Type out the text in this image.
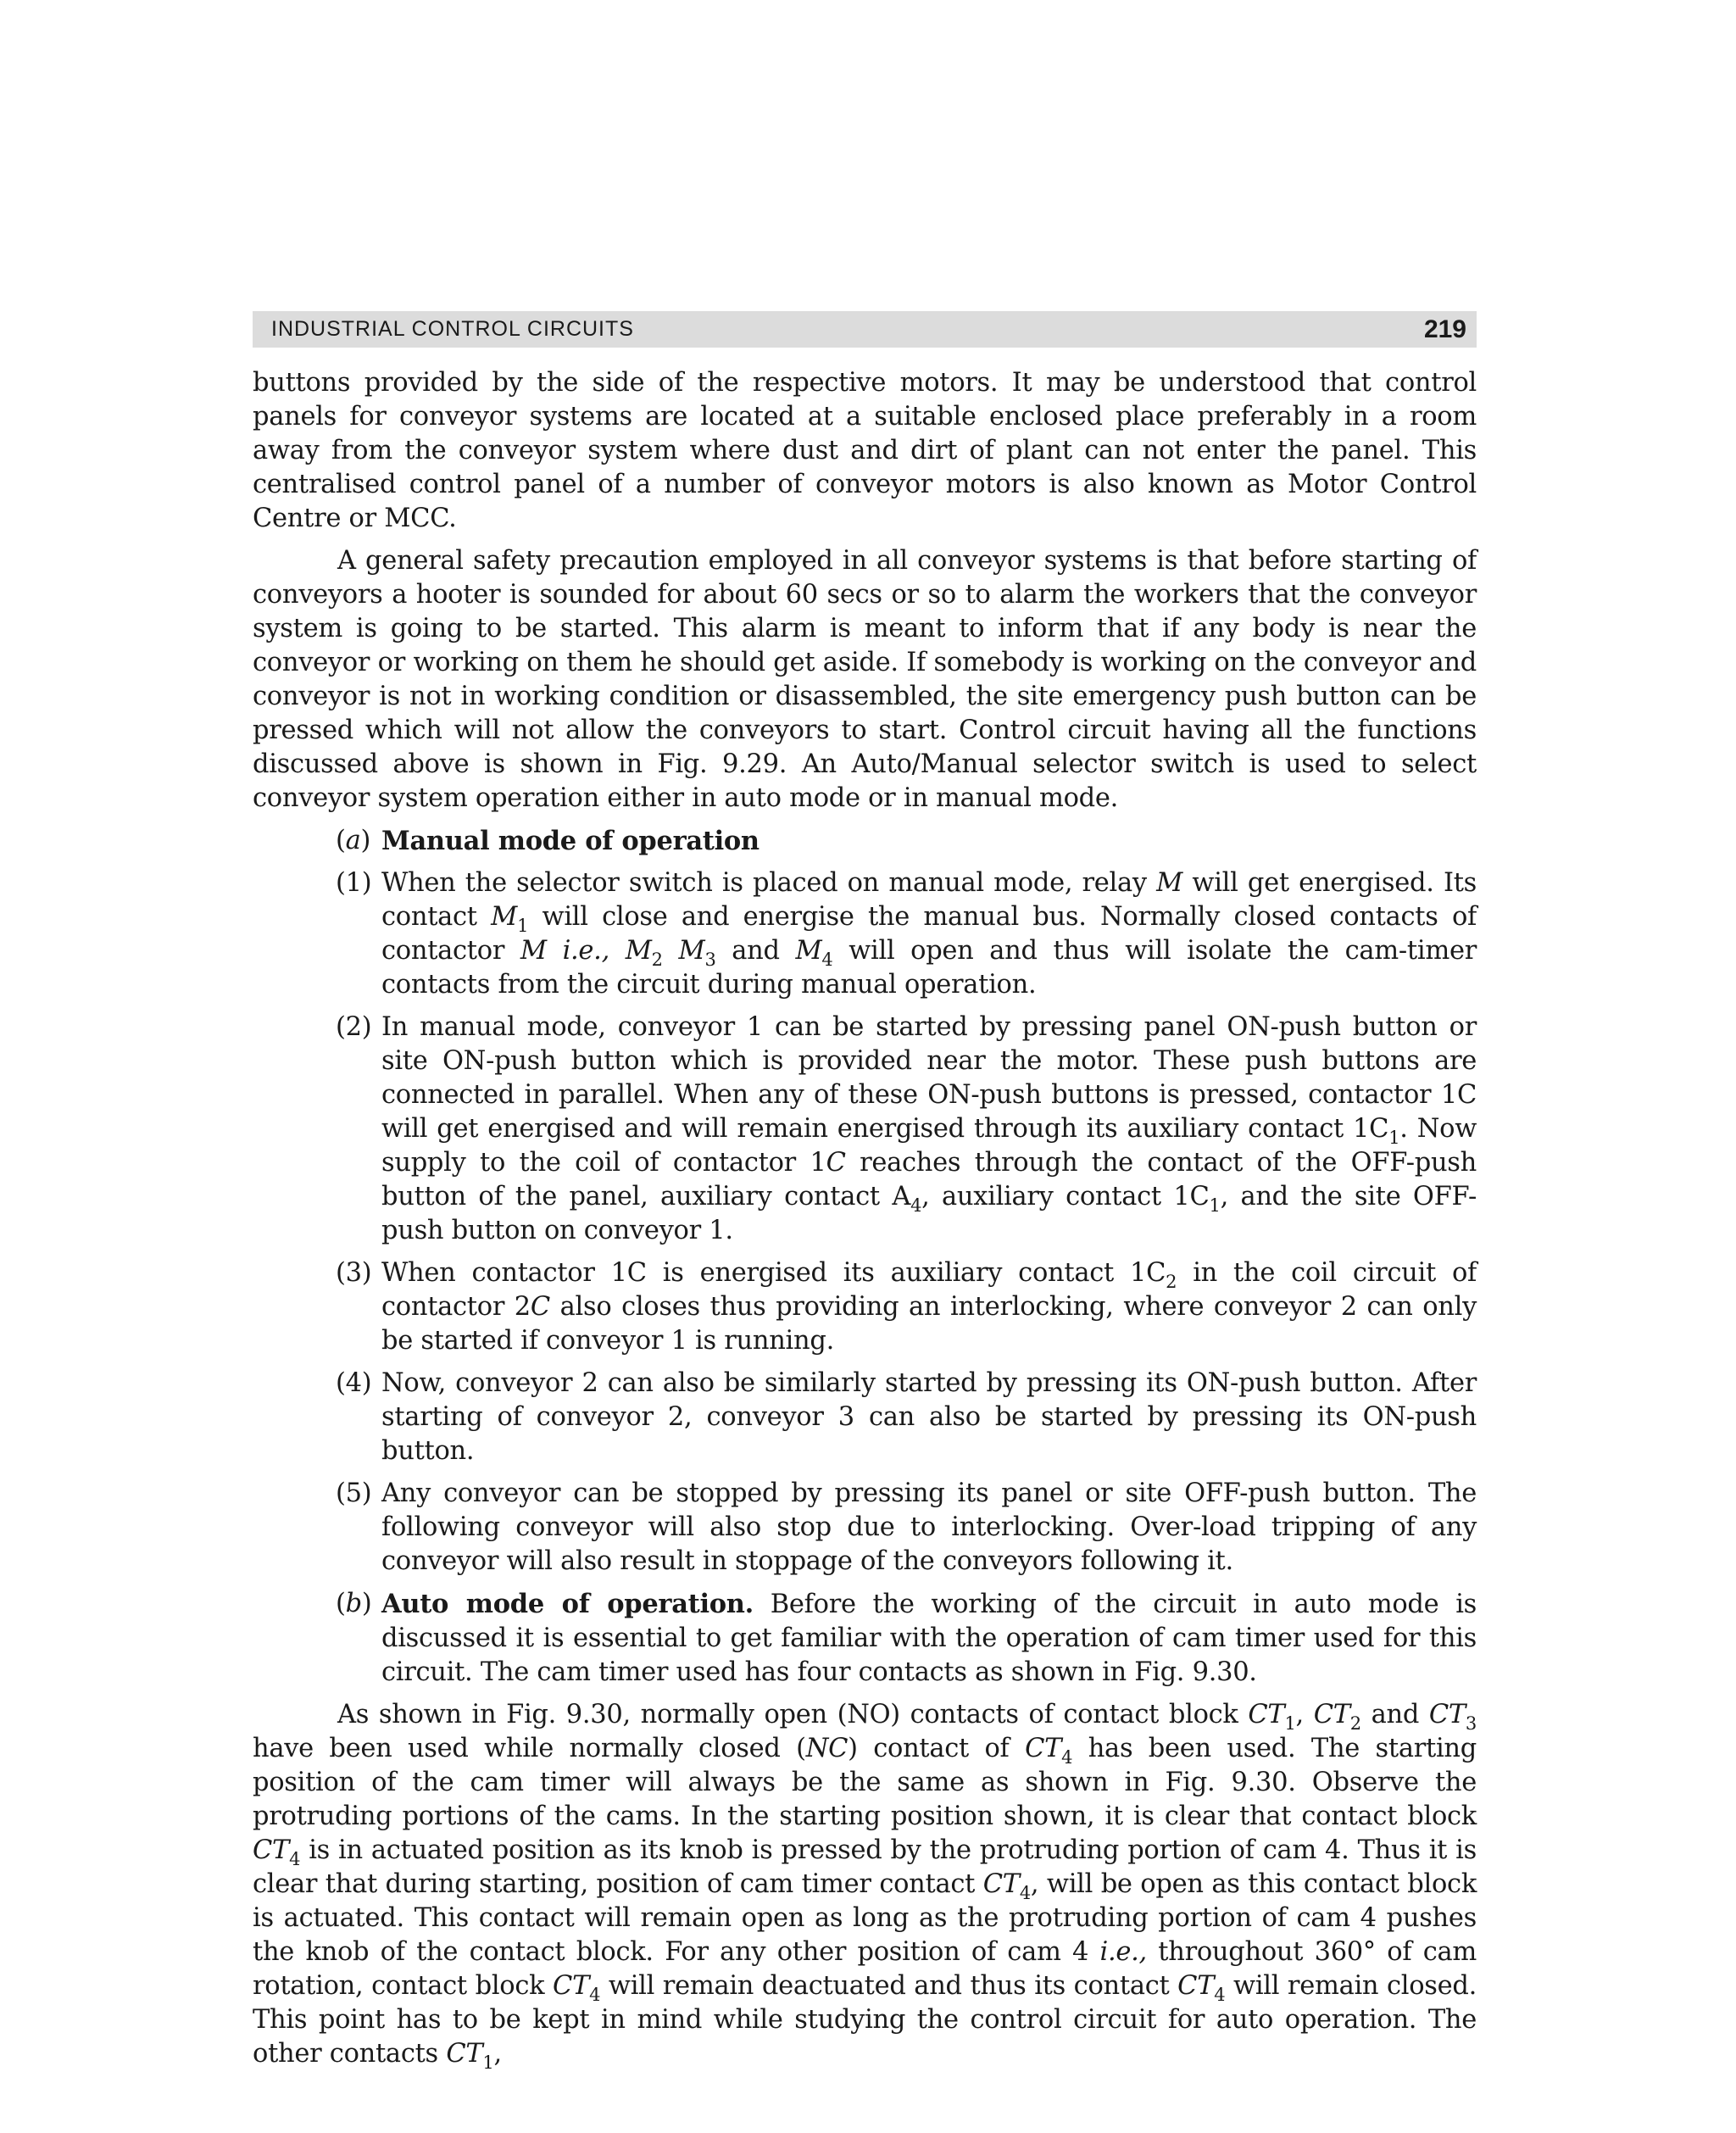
INDUSTRIAL CONTROL CIRCUITS	219

buttons provided by the side of the respective motors. It may be understood that control panels for conveyor systems are located at a suitable enclosed place preferably in a room away from the conveyor system where dust and dirt of plant can not enter the panel. This centralised control panel of a number of conveyor motors is also known as Motor Control Centre or MCC.

A general safety precaution employed in all conveyor systems is that before starting of conveyors a hooter is sounded for about 60 secs or so to alarm the workers that the conveyor system is going to be started. This alarm is meant to inform that if any body is near the conveyor or working on them he should get aside. If somebody is working on the conveyor and conveyor is not in working condition or disassembled, the site emergency push button can be pressed which will not allow the conveyors to start. Control circuit having all the functions discussed above is shown in Fig. 9.29. An Auto/Manual selector switch is used to select conveyor system operation either in auto mode or in manual mode.

(a) Manual mode of operation
(1) When the selector switch is placed on manual mode, relay M will get energised. Its contact $M_1$ will close and energise the manual bus. Normally closed contacts of contactor M i.e., $M_2$ $M_3$ and $M_4$ will open and thus will isolate the cam-timer contacts from the circuit during manual operation.
(2) In manual mode, conveyor 1 can be started by pressing panel ON-push button or site ON-push button which is provided near the motor. These push buttons are connected in parallel. When any of these ON-push buttons is pressed, contactor 1C will get energised and will remain energised through its auxiliary contact $1C_1$. Now supply to the coil of contactor 1C reaches through the contact of the OFF-push button of the panel, auxiliary contact $A_4$, auxiliary contact $1C_1$, and the site OFF-push button on conveyor 1.
(3) When contactor 1C is energised its auxiliary contact $1C_2$ in the coil circuit of contactor 2C also closes thus providing an interlocking, where conveyor 2 can only be started if conveyor 1 is running.
(4) Now, conveyor 2 can also be similarly started by pressing its ON-push button. After starting of conveyor 2, conveyor 3 can also be started by pressing its ON-push button.
(5) Any conveyor can be stopped by pressing its panel or site OFF-push button. The following conveyor will also stop due to interlocking. Over-load tripping of any conveyor will also result in stoppage of the conveyors following it.
(b) Auto mode of operation. Before the working of the circuit in auto mode is discussed it is essential to get familiar with the operation of cam timer used for this circuit. The cam timer used has four contacts as shown in Fig. 9.30.

As shown in Fig. 9.30, normally open (NO) contacts of contact block $CT_1$, $CT_2$ and $CT_3$ have been used while normally closed (NC) contact of $CT_4$ has been used. The starting position of the cam timer will always be the same as shown in Fig. 9.30. Observe the protruding portions of the cams. In the starting position shown, it is clear that contact block $CT_4$ is in actuated position as its knob is pressed by the protruding portion of cam 4. Thus it is clear that during starting, position of cam timer contact $CT_4$, will be open as this contact block is actuated. This contact will remain open as long as the protruding portion of cam 4 pushes the knob of the contact block. For any other position of cam 4 i.e., throughout 360° of cam rotation, contact block $CT_4$ will remain deactuated and thus its contact $CT_4$ will remain closed. This point has to be kept in mind while studying the control circuit for auto operation. The other contacts $CT_1$,
